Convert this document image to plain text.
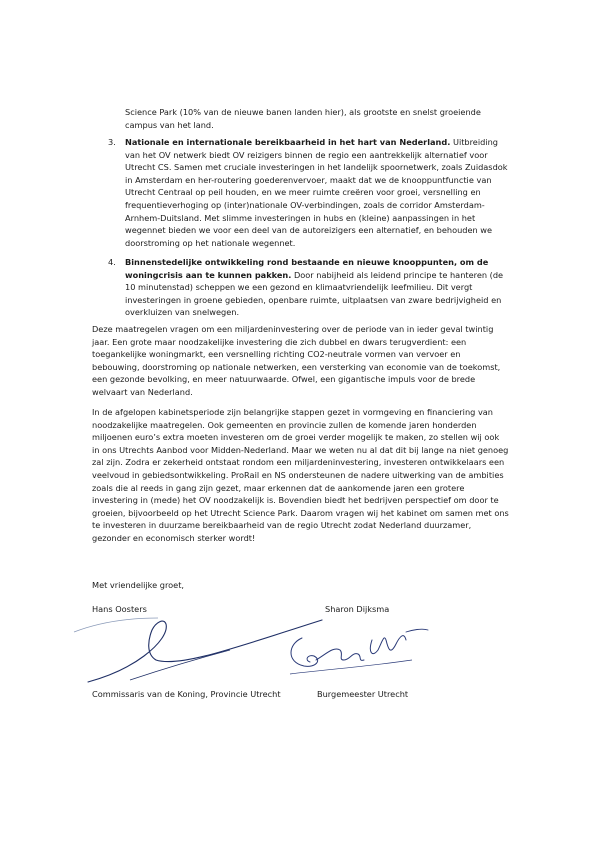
Science Park (10% van de nieuwe banen landen hier), als grootste en snelst groeiende campus van het land.

3. Nationale en internationale bereikbaarheid in het hart van Nederland. Uitbreiding van het OV netwerk biedt OV reizigers binnen de regio een aantrekkelijk alternatief voor Utrecht CS. Samen met cruciale investeringen in het landelijk spoornetwerk, zoals Zuidasdok in Amsterdam en her-routering goederenvervoer, maakt dat we de knooppuntfunctie van Utrecht Centraal op peil houden, en we meer ruimte creëren voor groei, versnelling en frequentieverhoging op (inter)nationale OV-verbindingen, zoals de corridor Amsterdam-Arnhem-Duitsland. Met slimme investeringen in hubs en (kleine) aanpassingen in het wegennet bieden we voor een deel van de autoreizigers een alternatief, en behouden we doorstroming op het nationale wegennet.

4. Binnenstedelijke ontwikkeling rond bestaande en nieuwe knooppunten, om de woningcrisis aan te kunnen pakken. Door nabijheid als leidend principe te hanteren (de 10 minutenstad) scheppen we een gezond en klimaatvriendelijk leefmilieu. Dit vergt investeringen in groene gebieden, openbare ruimte, uitplaatsen van zware bedrijvigheid en overkluizen van snelwegen.

Deze maatregelen vragen om een miljardeninvestering over de periode van in ieder geval twintig jaar. Een grote maar noodzakelijke investering die zich dubbel en dwars terugverdient: een toegankelijke woningmarkt, een versnelling richting CO2-neutrale vormen van vervoer en bebouwing, doorstroming op nationale netwerken, een versterking van economie van de toekomst, een gezonde bevolking, en meer natuurwaarde. Ofwel, een gigantische impuls voor de brede welvaart van Nederland.

In de afgelopen kabinetsperiode zijn belangrijke stappen gezet in vormgeving en financiering van noodzakelijke maatregelen. Ook gemeenten en provincie zullen de komende jaren honderden miljoenen euro’s extra moeten investeren om de groei verder mogelijk te maken, zo stellen wij ook in ons Utrechts Aanbod voor Midden-Nederland. Maar we weten nu al dat dit bij lange na niet genoeg zal zijn. Zodra er zekerheid ontstaat rondom een miljardeninvestering, investeren ontwikkelaars een veelvoud in gebiedsontwikkeling. ProRail en NS ondersteunen de nadere uitwerking van de ambities zoals die al reeds in gang zijn gezet, maar erkennen dat de aankomende jaren een grotere investering in (mede) het OV noodzakelijk is. Bovendien biedt het bedrijven perspectief om door te groeien, bijvoorbeeld op het Utrecht Science Park. Daarom vragen wij het kabinet om samen met ons te investeren in duurzame bereikbaarheid van de regio Utrecht zodat Nederland duurzamer, gezonder en economisch sterker wordt!

Met vriendelijke groet,

Hans Oosters	Sharon Dijksma
Commissaris van de Koning, Provincie Utrecht	Burgemeester Utrecht
